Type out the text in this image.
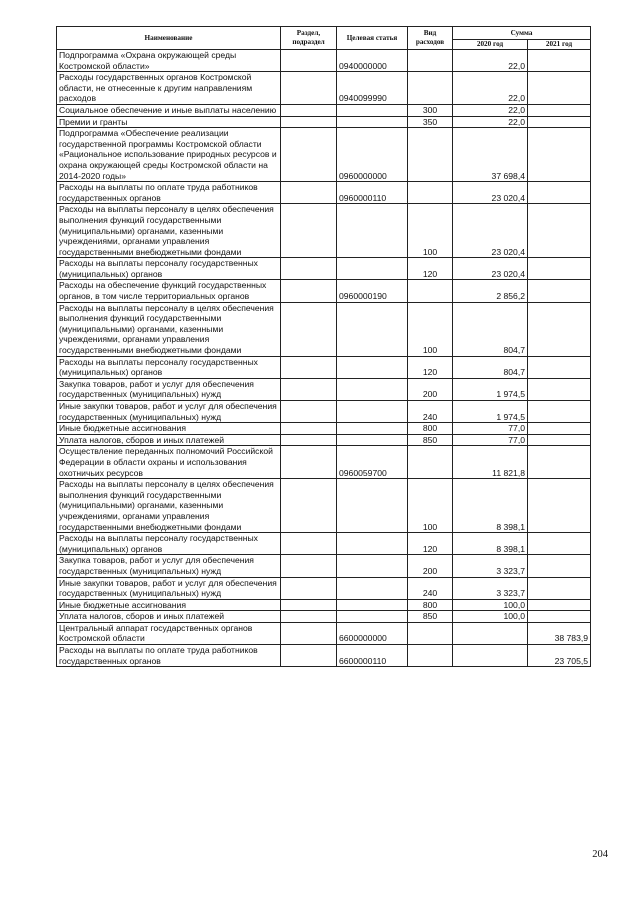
Наименование	Раздел, подраздел	Целевая статья	Вид расходов	Сумма	
				2020 год	2021 год
Подпрограмма «Охрана окружающей среды Костромской области»		0940000000		22,0	
Расходы государственных органов Костромской области, не отнесенные к другим направлениям расходов		0940099990		22,0	
Социальное обеспечение и иные выплаты населению			300	22,0	
Премии и гранты			350	22,0	
Подпрограмма «Обеспечение реализации государственной программы Костромской области «Рациональное использование природных ресурсов и охрана окружающей среды Костромской области на 2014-2020 годы»		0960000000		37 698,4	
Расходы на выплаты по оплате труда работников государственных органов		0960000110		23 020,4	
Расходы на выплаты персоналу в целях обеспечения выполнения функций государственными (муниципальными) органами, казенными учреждениями, органами управления государственными внебюджетными фондами			100	23 020,4	
Расходы на выплаты персоналу государственных (муниципальных) органов			120	23 020,4	
Расходы на обеспечение функций государственных органов, в том числе территориальных органов		0960000190		2 856,2	
Расходы на выплаты персоналу в целях обеспечения выполнения функций государственными (муниципальными) органами, казенными учреждениями, органами управления государственными внебюджетными фондами			100	804,7	
Расходы на выплаты персоналу государственных (муниципальных) органов			120	804,7	
Закупка товаров, работ и услуг для обеспечения государственных (муниципальных) нужд			200	1 974,5	
Иные закупки товаров, работ и услуг для обеспечения государственных (муниципальных) нужд			240	1 974,5	
Иные бюджетные ассигнования			800	77,0	
Уплата налогов, сборов и иных платежей			850	77,0	
Осуществление переданных полномочий Российской Федерации в области охраны и использования охотничьих ресурсов		0960059700		11 821,8	
Расходы на выплаты персоналу в целях обеспечения выполнения функций государственными (муниципальными) органами, казенными учреждениями, органами управления государственными внебюджетными фондами			100	8 398,1	
Расходы на выплаты персоналу государственных (муниципальных) органов			120	8 398,1	
Закупка товаров, работ и услуг для обеспечения государственных (муниципальных) нужд			200	3 323,7	
Иные закупки товаров, работ и услуг для обеспечения государственных (муниципальных) нужд			240	3 323,7	
Иные бюджетные ассигнования			800	100,0	
Уплата налогов, сборов и иных платежей			850	100,0	
Центральный аппарат государственных органов Костромской области		6600000000			38 783,9
Расходы на выплаты по оплате труда работников государственных органов		6600000110			23 705,5
204
